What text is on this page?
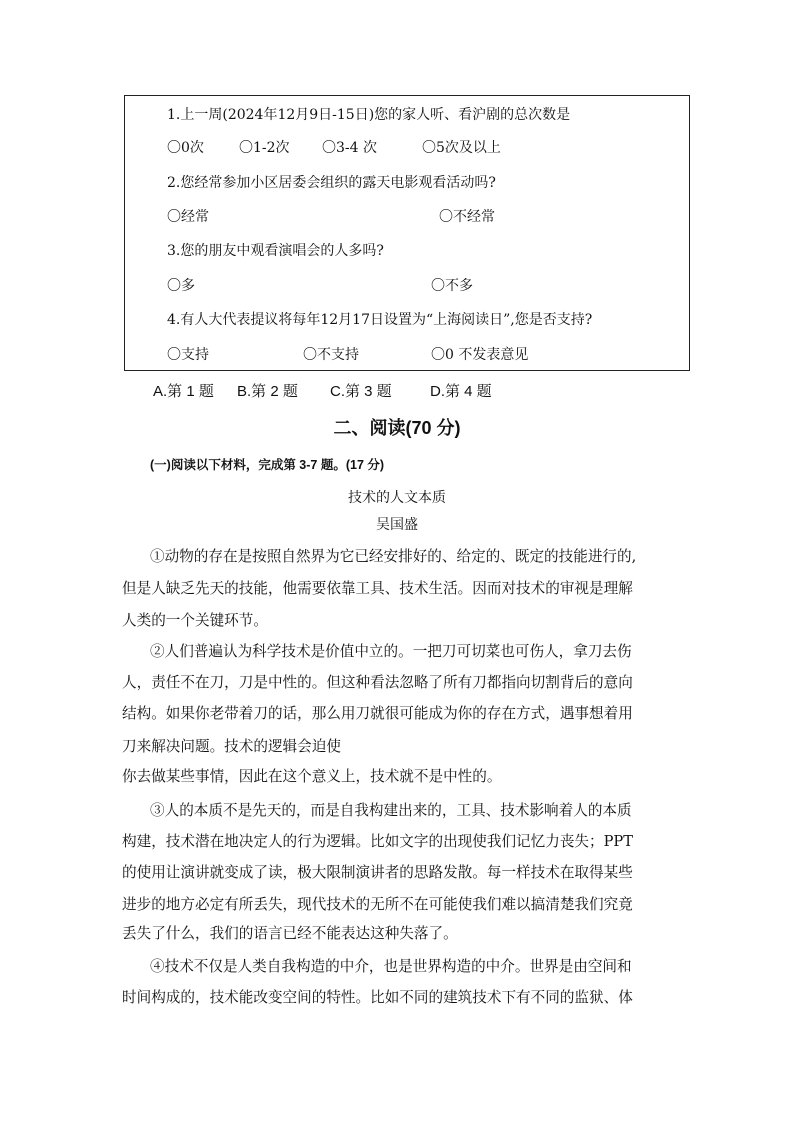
1.上一周(2024年12月9日-15日)您的家人听、看沪剧的总次数是
〇0次	〇1-2次 〇3-4 次	〇5次及以上
2.您经常参加小区居委会组织的露天电影观看活动吗?
〇经常	〇不经常
3.您的朋友中观看演唱会的人多吗?
〇多	〇不多
4.有人大代表提议将每年12月17日设置为“上海阅读日”,您是否支持?
〇支持	〇不支持	〇0 不发表意见
A.第 1 题 B.第 2 题 C.第 3 题	D.第 4 题
二、阅读(70 分)
(一)阅读以下材料，完成第 3-7 题。(17 分)
技术的人文本质
吴国盛
①动物的存在是按照自然界为它已经安排好的、给定的、既定的技能进行的,
但是人缺乏先天的技能，他需要依靠工具、技术生活。因而对技术的审视是理解
人类的一个关键环节。
②人们普遍认为科学技术是价值中立的。一把刀可切菜也可伤人，拿刀去伤
人，责任不在刀，刀是中性的。但这种看法忽略了所有刀都指向切割背后的意向
结构。如果你老带着刀的话，那么用刀就很可能成为你的存在方式，遇事想着用
刀来解决问题。技术的逻辑会迫使
你去做某些事情，因此在这个意义上，技术就不是中性的。
③人的本质不是先天的，而是自我构建出来的，工具、技术影响着人的本质
构建，技术潜在地决定人的行为逻辑。比如文字的出现使我们记忆力丧失；PPT
的使用让演讲就变成了读，极大限制演讲者的思路发散。每一样技术在取得某些
进步的地方必定有所丢失，现代技术的无所不在可能使我们难以搞清楚我们究竟
丢失了什么，我们的语言已经不能表达这种失落了。
④技术不仅是人类自我构造的中介，也是世界构造的中介。世界是由空间和
时间构成的，技术能改变空间的特性。比如不同的建筑技术下有不同的监狱、体
